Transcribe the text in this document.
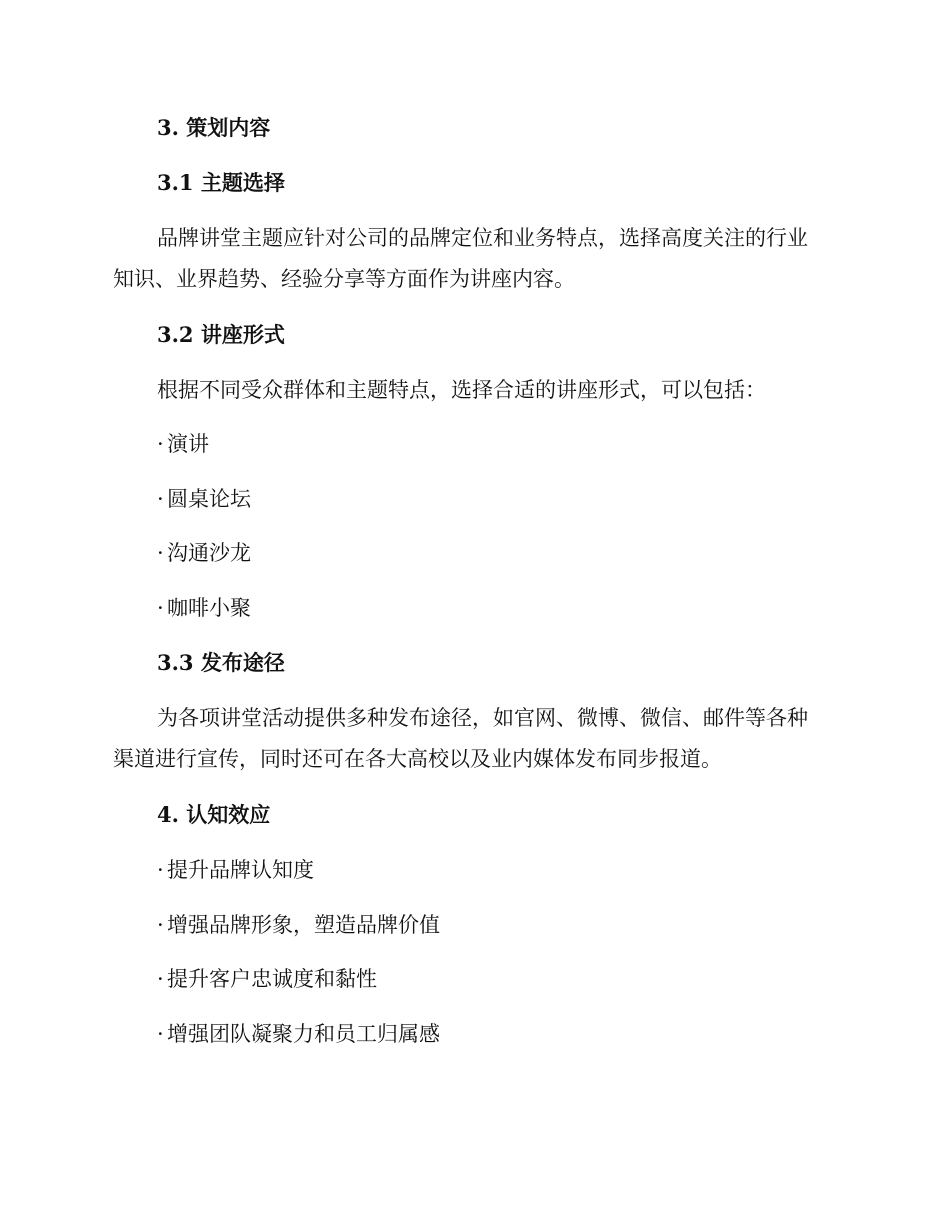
3. 策划内容

3.1 主题选择

品牌讲堂主题应针对公司的品牌定位和业务特点，选择高度关注的行业

知识、业界趋势、经验分享等方面作为讲座内容。

3.2 讲座形式

根据不同受众群体和主题特点，选择合适的讲座形式，可以包括：

· 演讲

· 圆桌论坛

· 沟通沙龙

· 咖啡小聚

3.3 发布途径

为各项讲堂活动提供多种发布途径，如官网、微博、微信、邮件等各种

渠道进行宣传，同时还可在各大高校以及业内媒体发布同步报道。

4. 认知效应

· 提升品牌认知度

· 增强品牌形象，塑造品牌价值

· 提升客户忠诚度和黏性

· 增强团队凝聚力和员工归属感
